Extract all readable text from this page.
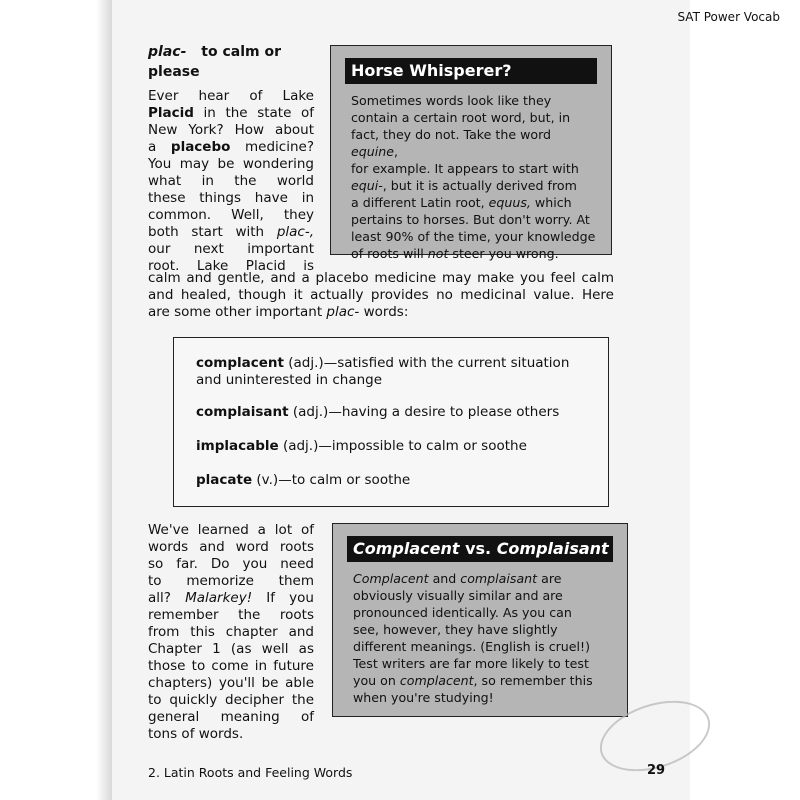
SAT Power Vocab
plac- to calm or
please
Ever hear of Lake
Placid in the state of
New York? How about
a placebo medicine?
You may be wondering
what in the world
these things have in
common. Well, they
both start with plac-,
our next important
root. Lake Placid is
calm and gentle, and a placebo medicine may make you feel calm
and healed, though it actually provides no medicinal value. Here
are some other important plac- words:
Horse Whisperer?
Sometimes words look like they
contain a certain root word, but, in
fact, they do not. Take the word equine,
for example. It appears to start with
equi-, but it is actually derived from
a different Latin root, equus, which
pertains to horses. But don't worry. At
least 90% of the time, your knowledge
of roots will not steer you wrong.
complacent (adj.)—satisfied with the current situation
and uninterested in change
complaisant (adj.)—having a desire to please others
implacable (adj.)—impossible to calm or soothe
placate (v.)—to calm or soothe
We've learned a lot of
words and word roots
so far. Do you need
to memorize them
all? Malarkey! If you
remember the roots
from this chapter and
Chapter 1 (as well as
those to come in future
chapters) you'll be able
to quickly decipher the
general meaning of
tons of words.
Complacent vs. Complaisant
Complacent and complaisant are
obviously visually similar and are
pronounced identically. As you can
see, however, they have slightly
different meanings. (English is cruel!)
Test writers are far more likely to test
you on complacent, so remember this
when you're studying!
2. Latin Roots and Feeling Words	29
